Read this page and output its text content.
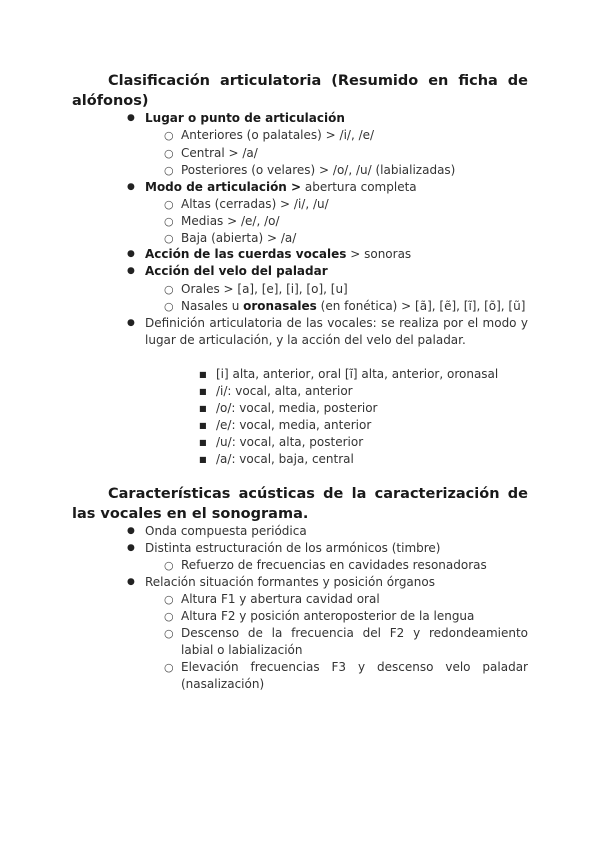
Clasificación articulatoria (Resumido en ficha de alófonos)
● Lugar o punto de articulación
○ Anteriores (o palatales) > /i/, /e/
○ Central > /a/
○ Posteriores (o velares) > /o/, /u/ (labializadas)
● Modo de articulación > abertura completa
○ Altas (cerradas) > /i/, /u/
○ Medias > /e/, /o/
○ Baja (abierta) > /a/
● Acción de las cuerdas vocales > sonoras
● Acción del velo del paladar
○ Orales > [a], [e], [i], [o], [u]
○ Nasales u oronasales (en fonética) > [ã], [ẽ], [ĩ], [õ], [ũ]
● Definición articulatoria de las vocales: se realiza por el modo y lugar de articulación, y la acción del velo del paladar.
■ [i] alta, anterior, oral [ĩ] alta, anterior, oronasal
■ /i/: vocal, alta, anterior
■ /o/: vocal, media, posterior
■ /e/: vocal, media, anterior
■ /u/: vocal, alta, posterior
■ /a/: vocal, baja, central
Características acústicas de la caracterización de las vocales en el sonograma.
● Onda compuesta periódica
● Distinta estructuración de los armónicos (timbre)
○ Refuerzo de frecuencias en cavidades resonadoras
● Relación situación formantes y posición órganos
○ Altura F1 y abertura cavidad oral
○ Altura F2 y posición anteroposterior de la lengua
○ Descenso de la frecuencia del F2 y redondeamiento labial o labialización
○ Elevación frecuencias F3 y descenso velo paladar (nasalización)
